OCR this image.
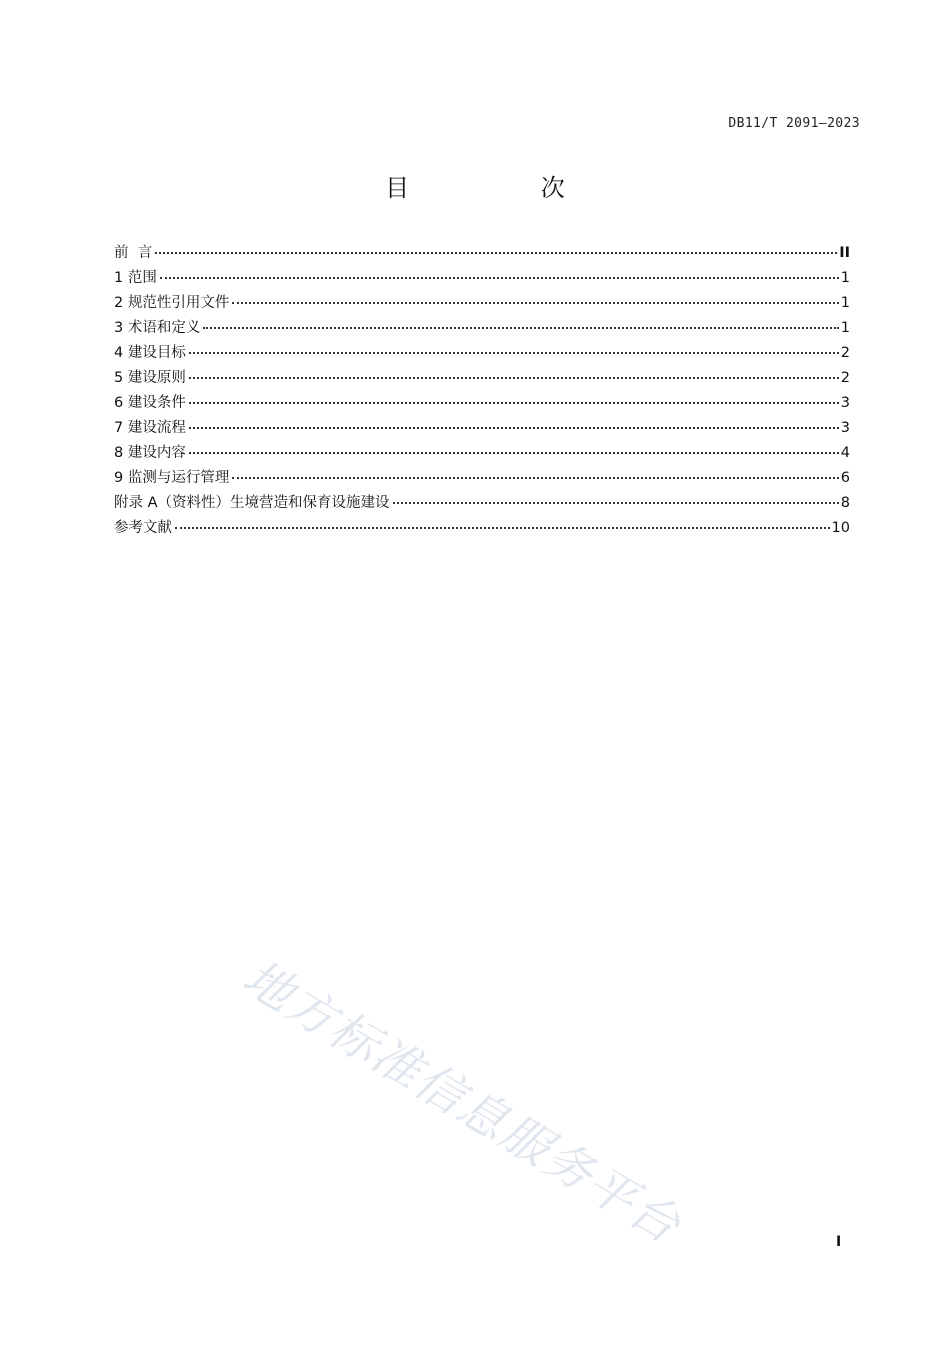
DB11/T 2091—2023
目 次
前  言	II
1 范围	1
2 规范性引用文件	1
3 术语和定义	1
4 建设目标	2
5 建设原则	2
6 建设条件	3
7 建设流程	3
8 建设内容	4
9 监测与运行管理	6
附录 A（资料性）生境营造和保育设施建设	8
参考文献	10
地方标准信息服务平台	I
